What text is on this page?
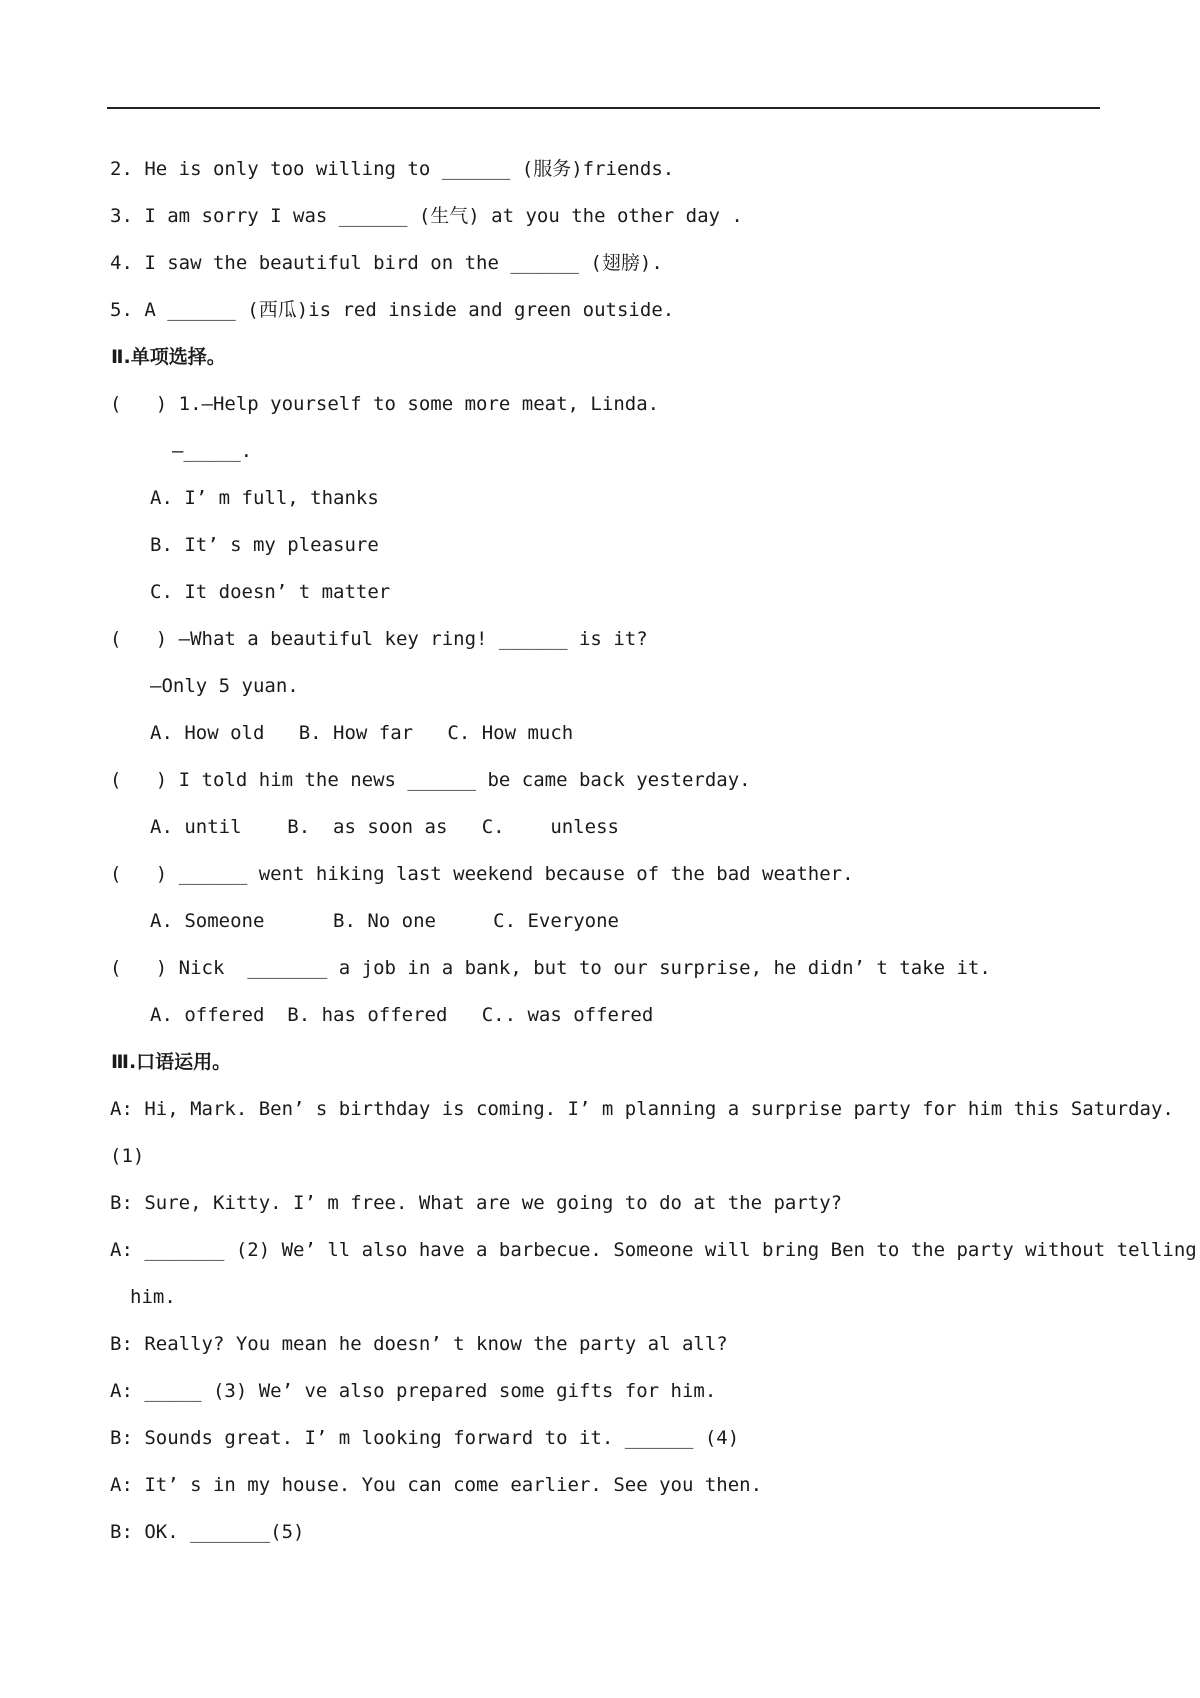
2. He is only too willing to ______ (服务)friends.
3. I am sorry I was ______ (生气) at you the other day .
4. I saw the beautiful bird on the ______ (翅膀).
5. A ______ (西瓜)is red inside and green outside.
Ⅱ.单项选择。
(   ) 1.—Help yourself to some more meat, Linda.
—_____.
A. I’ m full, thanks
B. It’ s my pleasure
C. It doesn’ t matter
(   ) —What a beautiful key ring! ______ is it?
—Only 5 yuan.
A. How old   B. How far   C. How much
(   ) I told him the news ______ be came back yesterday.
A. until    B.  as soon as   C.    unless
(   ) ______ went hiking last weekend because of the bad weather.
A. Someone      B. No one     C. Everyone
(   ) Nick  _______ a job in a bank, but to our surprise, he didn’ t take it.
A. offered  B. has offered   C.. was offered
Ⅲ.口语运用。
A: Hi, Mark. Ben’ s birthday is coming. I’ m planning a surprise party for him this Saturday.
(1)
B: Sure, Kitty. I’ m free. What are we going to do at the party?
A: _______ (2) We’ ll also have a barbecue. Someone will bring Ben to the party without telling
him.
B: Really? You mean he doesn’ t know the party al all?
A: _____ (3) We’ ve also prepared some gifts for him.
B: Sounds great. I’ m looking forward to it. ______ (4)
A: It’ s in my house. You can come earlier. See you then.
B: OK. _______(5)
